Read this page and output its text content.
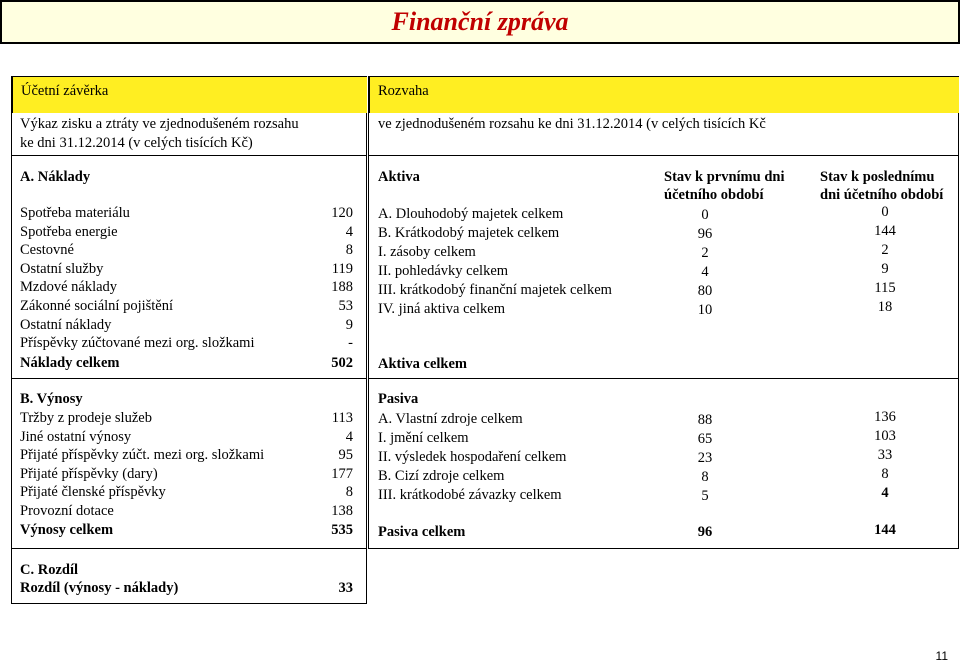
Finanční zpráva
Účetní závěrka	Rozvaha
Výkaz zisku a ztráty ve zjednodušeném rozsahu
ke dni 31.12.2014 (v celých tisících Kč)
ve zjednodušeném rozsahu ke dni 31.12.2014 (v celých tisících Kč
A. Náklady
Spotřeba materiálu	120
Spotřeba energie	4
Cestovné	8
Ostatní služby	119
Mzdové náklady	188
Zákonné sociální pojištění	53
Ostatní náklady	9
Příspěvky zúčtované mezi org. složkami	-
Náklady celkem	502
B. Výnosy
Tržby z prodeje služeb	113
Jiné ostatní výnosy	4
Přijaté příspěvky zúčt. mezi org. složkami	95
Přijaté příspěvky (dary)	177
Přijaté členské příspěvky	8
Provozní dotace	138
Výnosy celkem	535
C. Rozdíl
Rozdíl (výnosy - náklady)	33
Aktiva	Stav k prvnímu dni
účetního období
Stav k poslednímu
dni účetního období
A. Dlouhodobý majetek celkem	0	0
B. Krátkodobý majetek celkem	96	144
I. zásoby celkem	2	2
II. pohledávky celkem	4	9
III. krátkodobý finanční majetek celkem	80	115
IV. jiná aktiva celkem	10	18
Aktiva celkem
Pasiva
A. Vlastní zdroje celkem	88	136
I. jmění celkem	65	103
II. výsledek hospodaření celkem	23	33
B. Cizí zdroje celkem	8	8
III. krátkodobé závazky celkem	5	4
Pasiva celkem	96	144
11
